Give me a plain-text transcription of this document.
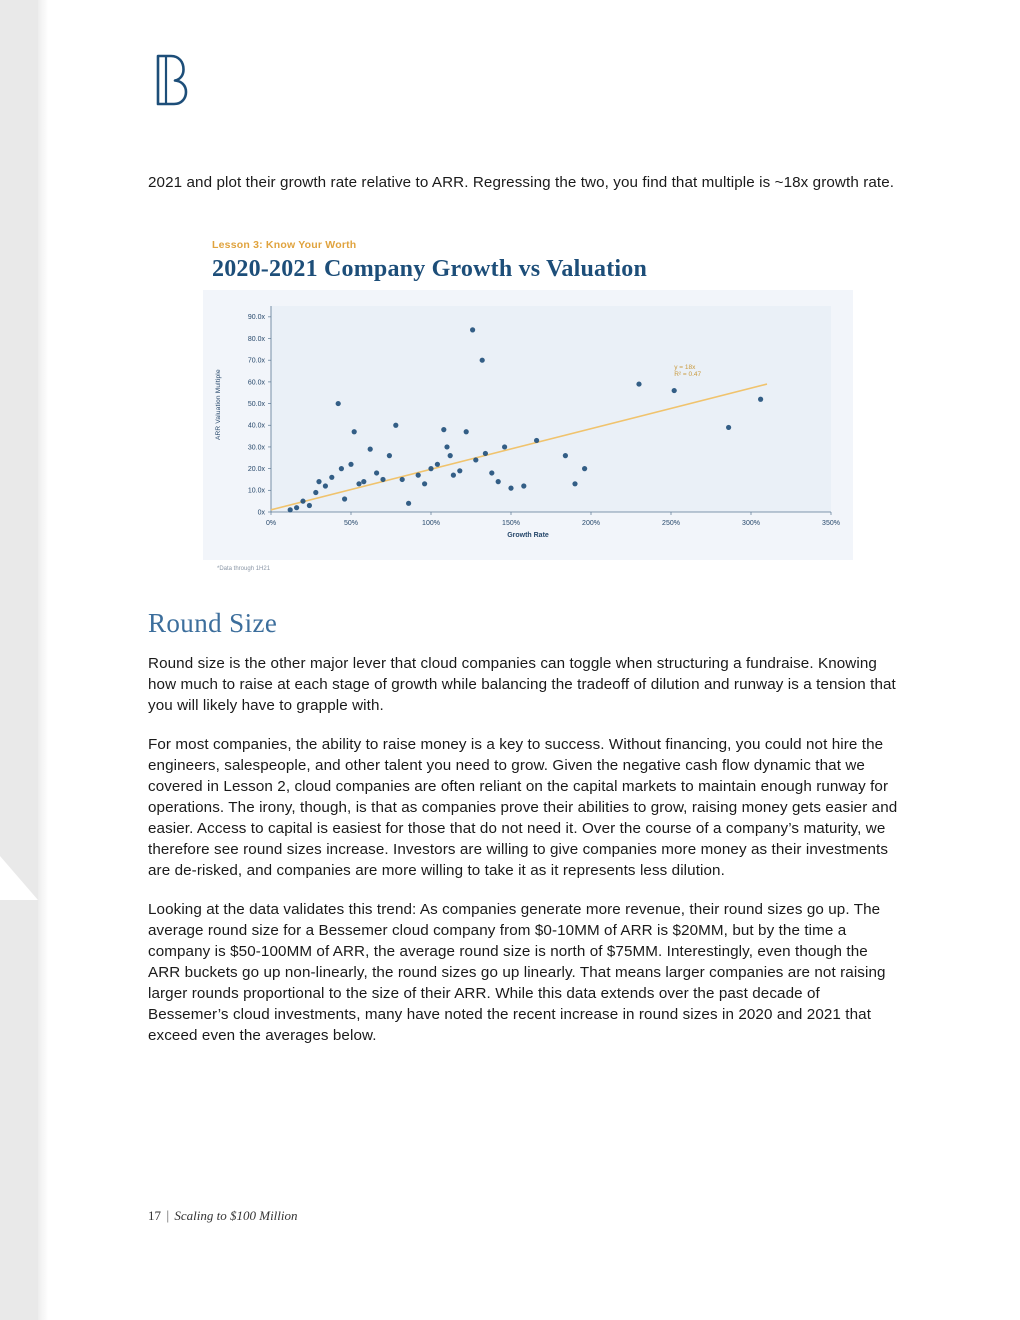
2021 and plot their growth rate relative to ARR. Regressing the two, you find that multiple is ~18x growth rate.

Lesson 3: Know Your Worth
2020-2021 Company Growth vs Valuation
ARR Valuation Multiple
Growth Rate
0x
10.0x
20.0x
30.0x
40.0x
50.0x
60.0x
70.0x
80.0x
90.0x
0%	50%	100%	150%	200%	250%	300%	350%
y = 18x
R² = 0.47
*Data through 1H21
Round Size

Round size is the other major lever that cloud companies can toggle when structuring a fundraise. Knowing how much to raise at each stage of growth while balancing the tradeoff of dilution and runway is a tension that you will likely have to grapple with.

For most companies, the ability to raise money is a key to success. Without financing, you could not hire the engineers, salespeople, and other talent you need to grow. Given the negative cash flow dynamic that we covered in Lesson 2, cloud companies are often reliant on the capital markets to maintain enough runway for operations. The irony, though, is that as companies prove their abilities to grow, raising money gets easier and easier. Access to capital is easiest for those that do not need it. Over the course of a company’s maturity, we therefore see round sizes increase. Investors are willing to give companies more money as their investments are de-risked, and companies are more willing to take it as it represents less dilution.

Looking at the data validates this trend: As companies generate more revenue, their round sizes go up. The average round size for a Bessemer cloud company from $0-10MM of ARR is $20MM, but by the time a company is $50-100MM of ARR, the average round size is north of $75MM. Interestingly, even though the ARR buckets go up non-linearly, the round sizes go up linearly. That means larger companies are not raising larger rounds proportional to the size of their ARR. While this data extends over the past decade of Bessemer’s cloud investments, many have noted the recent increase in round sizes in 2020 and 2021 that exceed even the averages below.

17 | Scaling to $100 Million
